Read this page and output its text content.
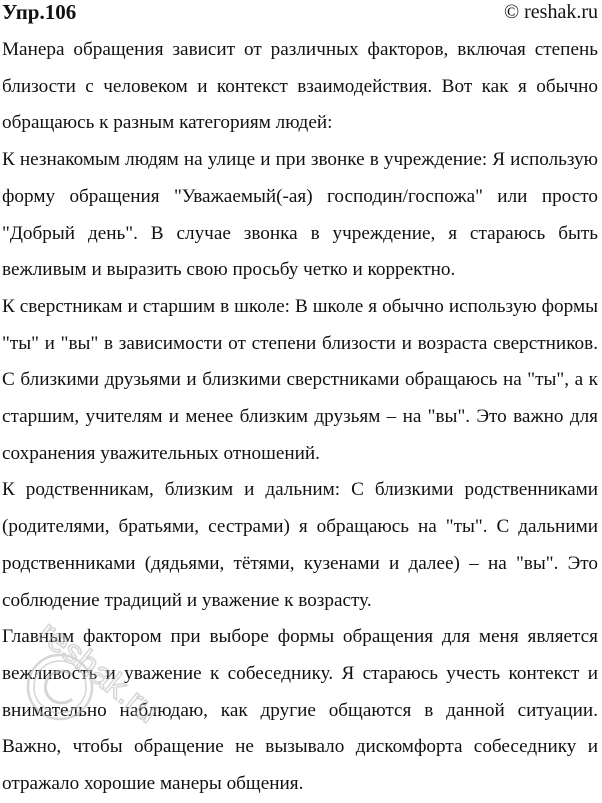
Упр.106	© reshak.ru

Манера обращения зависит от различных факторов, включая степень близости с человеком и контекст взаимодействия. Вот как я обычно обращаюсь к разным категориям людей:

К незнакомым людям на улице и при звонке в учреждение: Я использую форму обращения "Уважаемый(-ая) господин/госпожа" или просто "Добрый день". В случае звонка в учреждение, я стараюсь быть вежливым и выразить свою просьбу четко и корректно.

К сверстникам и старшим в школе: В школе я обычно использую формы "ты" и "вы" в зависимости от степени близости и возраста сверстников. С близкими друзьями и близкими сверстниками обращаюсь на "ты", а к старшим, учителям и менее близким друзьям – на "вы". Это важно для сохранения уважительных отношений.

К родственникам, близким и дальним: С близкими родственниками (родителями, братьями, сестрами) я обращаюсь на "ты". С дальними родственниками (дядьями, тётями, кузенами и далее) – на "вы". Это соблюдение традиций и уважение к возрасту.

Главным фактором при выборе формы обращения для меня является вежливость и уважение к собеседнику. Я стараюсь учесть контекст и внимательно наблюдаю, как другие общаются в данной ситуации. Важно, чтобы обращение не вызывало дискомфорта собеседнику и отражало хорошие манеры общения.

reshak.ru
